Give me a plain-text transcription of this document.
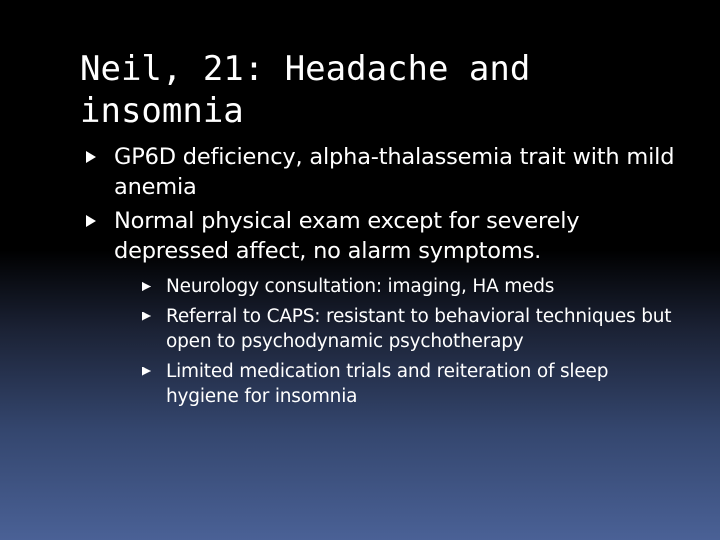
Neil, 21: Headache and
insomnia
GP6D deficiency, alpha-thalassemia trait with mild anemia
Normal physical exam except for severely depressed affect, no alarm symptoms.
Neurology consultation: imaging, HA meds
Referral to CAPS: resistant to behavioral techniques but open to psychodynamic psychotherapy
Limited medication trials and reiteration of sleep hygiene for insomnia
